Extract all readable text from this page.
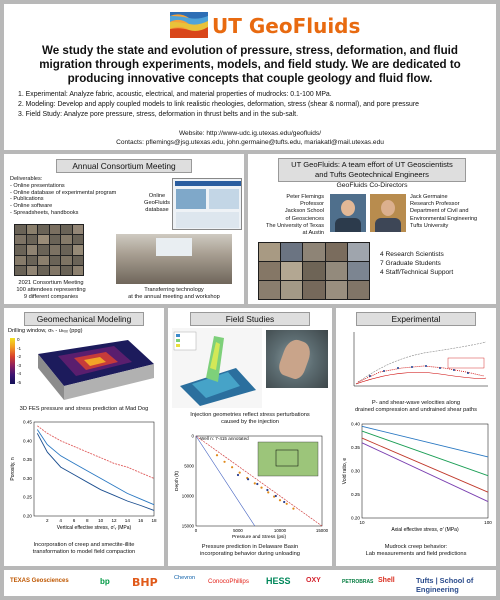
UT GeoFluids
We study the state and evolution of pressure, stress, deformation, and fluid migration through experiments, models, and field study. We are dedicated to producing innovative concepts that couple geology and fluid flow.
1. Experimental: Analyze fabric, acoustic, electrical, and material properties of mudrocks: 0.1-100 MPa.
2. Modeling: Develop and apply coupled models to link realistic rheologies, deformation, stress (shear & normal), and pore pressure
3. Field Study: Analyze pore pressure, stress, deformation in thrust belts and in the sub-salt.
Website: http://www-udc.ig.utexas.edu/geofluids/
Contacts: pflemings@jsg.utexas.edu, john.germaine@tufts.edu, mariakatl@mail.utexas.edu
Annual Consortium Meeting
Deliverables:
- Online presentations
- Online database of experimental program
- Publications
- Online software
- Spreadsheets, handbooks
Online GeoFluids database
2021 Consortium Meeting
100 attendees representing
9 different companies
Transferring technology
at the annual meeting and workshop
UT GeoFluids: A team effort of UT Geoscientists
and Tufts Geotechnical Engineers
GeoFluids Co-Directors
Peter Flemings
Professor
Jackson School
of Geosciences
The University of Texas
at Austin
Jack Germaine
Research Professor
Department of Civil and
Environmental Engineering
Tufts University
4 Research Scientists
7 Graduate Students
4 Staff/Technical Support
Geomechanical Modeling
Drilling window, σₕ - uₕₓₓ (ppg)
0
-1
-2
-3
-4
-5
3D FES pressure and stress prediction at Mad Dog
2 4 6 8 10 12 14 16 18
0.20
0.25
0.30
0.35
0.40
0.45
Vertical effective stress, σ′ᵥ (MPa)
Porosity, n
Incorporation of creep and smectite-illite
transformation to model field compaction
Field Studies
Injection geometries reflect stress perturbations
caused by the injection
0	5000	10000	15000
0
5000
10000
15000
Pressure and Stress (psi)
Depth (ft)
Well n: 7-415 annotated
Pressure prediction in Delaware Basin
incorporating behavior during unloading
Experimental
P- and shear-wave velocities along
drained compression and undrained shear paths
10	100
0.20
0.25
0.30
0.35
0.40
Axial effective stress, σ′ (MPa)
Void ratio, e
Mudrock creep behavior:
Lab measurements and field predictions
TEXAS Geosciences	bp BHP	Chevron ConocoPhillips HESS OXY	PETROBRAS Shell	Tufts | School of Engineering
